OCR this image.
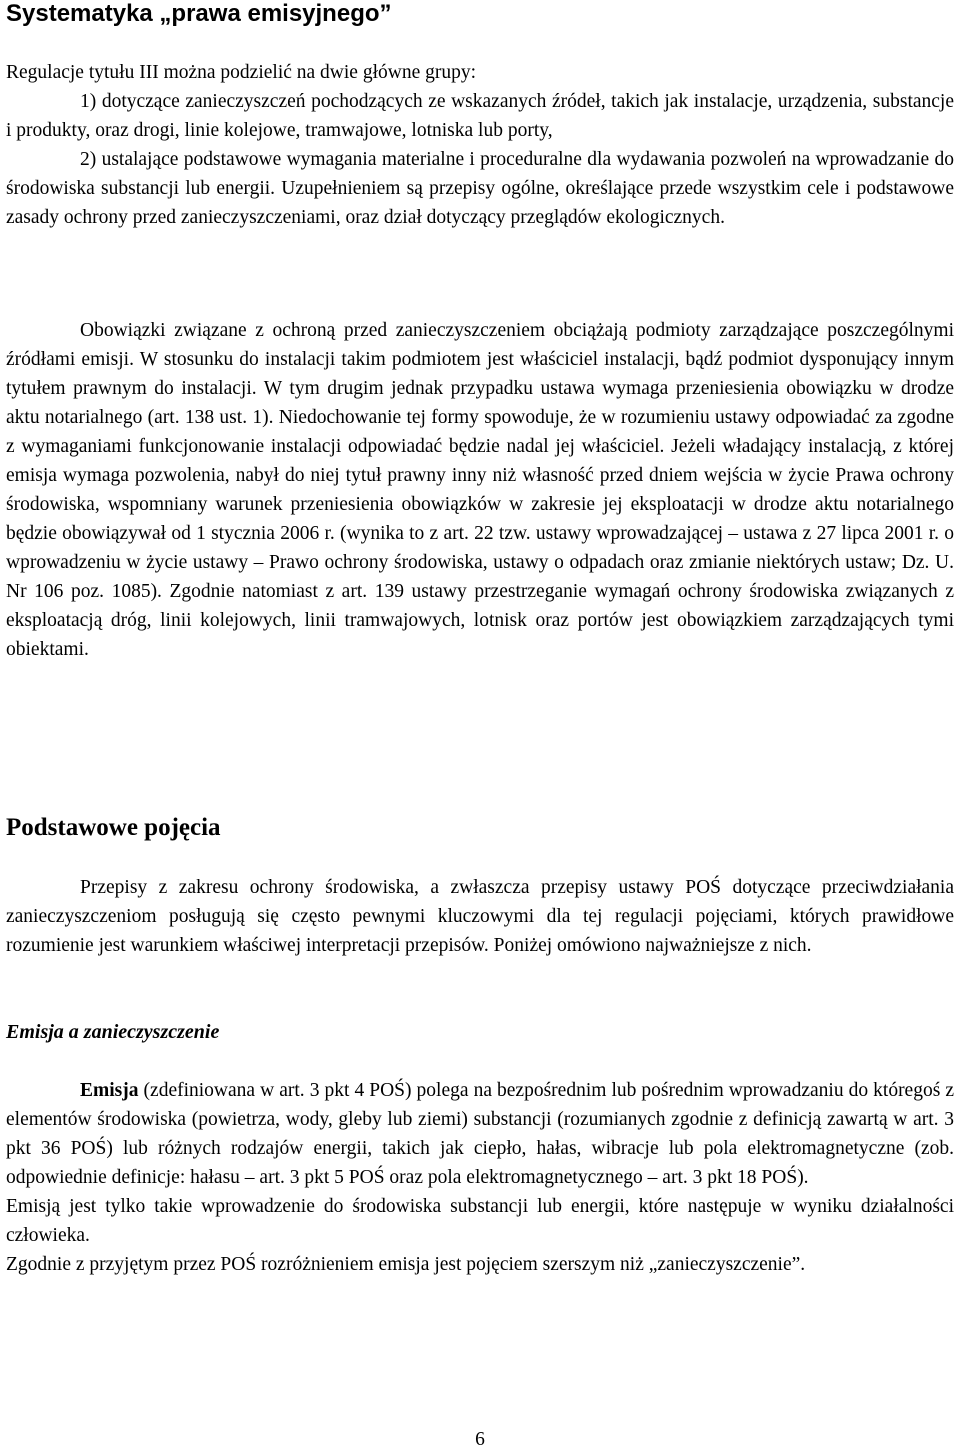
Systematyka „prawa emisyjnego”

Regulacje tytułu III można podzielić na dwie główne grupy:

1) dotyczące zanieczyszczeń pochodzących ze wskazanych źródeł, takich jak instalacje, urządzenia, substancje i produkty, oraz drogi, linie kolejowe, tramwajowe, lotniska lub porty,

2) ustalające podstawowe wymagania materialne i proceduralne dla wydawania pozwoleń na wprowadzanie do środowiska substancji lub energii. Uzupełnieniem są przepisy ogólne, określające przede wszystkim cele i podstawowe zasady ochrony przed zanieczyszczeniami, oraz dział dotyczący przeglądów ekologicznych.

Obowiązki związane z ochroną przed zanieczyszczeniem obciążają podmioty zarządzające poszczególnymi źródłami emisji. W stosunku do instalacji takim podmiotem jest właściciel instalacji, bądź podmiot dysponujący innym tytułem prawnym do instalacji. W tym drugim jednak przypadku ustawa wymaga przeniesienia obowiązku w drodze aktu notarialnego (art. 138 ust. 1). Niedochowanie tej formy spowoduje, że w rozumieniu ustawy odpowiadać za zgodne z wymaganiami funkcjonowanie instalacji odpowiadać będzie nadal jej właściciel. Jeżeli władający instalacją, z której emisja wymaga pozwolenia, nabył do niej tytuł prawny inny niż własność przed dniem wejścia w życie Prawa ochrony środowiska, wspomniany warunek przeniesienia obowiązków w zakresie jej eksploatacji w drodze aktu notarialnego będzie obowiązywał od 1 stycznia 2006 r. (wynika to z art. 22 tzw. ustawy wprowadzającej – ustawa z 27 lipca 2001 r. o wprowadzeniu w życie ustawy – Prawo ochrony środowiska, ustawy o odpadach oraz zmianie niektórych ustaw; Dz. U. Nr 106 poz. 1085). Zgodnie natomiast z art. 139 ustawy przestrzeganie wymagań ochrony środowiska związanych z eksploatacją dróg, linii kolejowych, linii tramwajowych, lotnisk oraz portów jest obowiązkiem zarządzających tymi obiektami.

Podstawowe pojęcia

Przepisy z zakresu ochrony środowiska, a zwłaszcza przepisy ustawy POŚ dotyczące przeciwdziałania zanieczyszczeniom posługują się często pewnymi kluczowymi dla tej regulacji pojęciami, których prawidłowe rozumienie jest warunkiem właściwej interpretacji przepisów. Poniżej omówiono najważniejsze z nich.

Emisja a zanieczyszczenie

Emisja (zdefiniowana w art. 3 pkt 4 POŚ) polega na bezpośrednim lub pośrednim wprowadzaniu do któregoś z elementów środowiska (powietrza, wody, gleby lub ziemi) substancji (rozumianych zgodnie z definicją zawartą w art. 3 pkt 36 POŚ) lub różnych rodzajów energii, takich jak ciepło, hałas, wibracje lub pola elektromagnetyczne (zob. odpowiednie definicje: hałasu – art. 3 pkt 5 POŚ oraz pola elektromagnetycznego – art. 3 pkt 18 POŚ).

Emisją jest tylko takie wprowadzenie do środowiska substancji lub energii, które następuje w wyniku działalności człowieka.

Zgodnie z przyjętym przez POŚ rozróżnieniem emisja jest pojęciem szerszym niż „zanieczyszczenie”.

6
